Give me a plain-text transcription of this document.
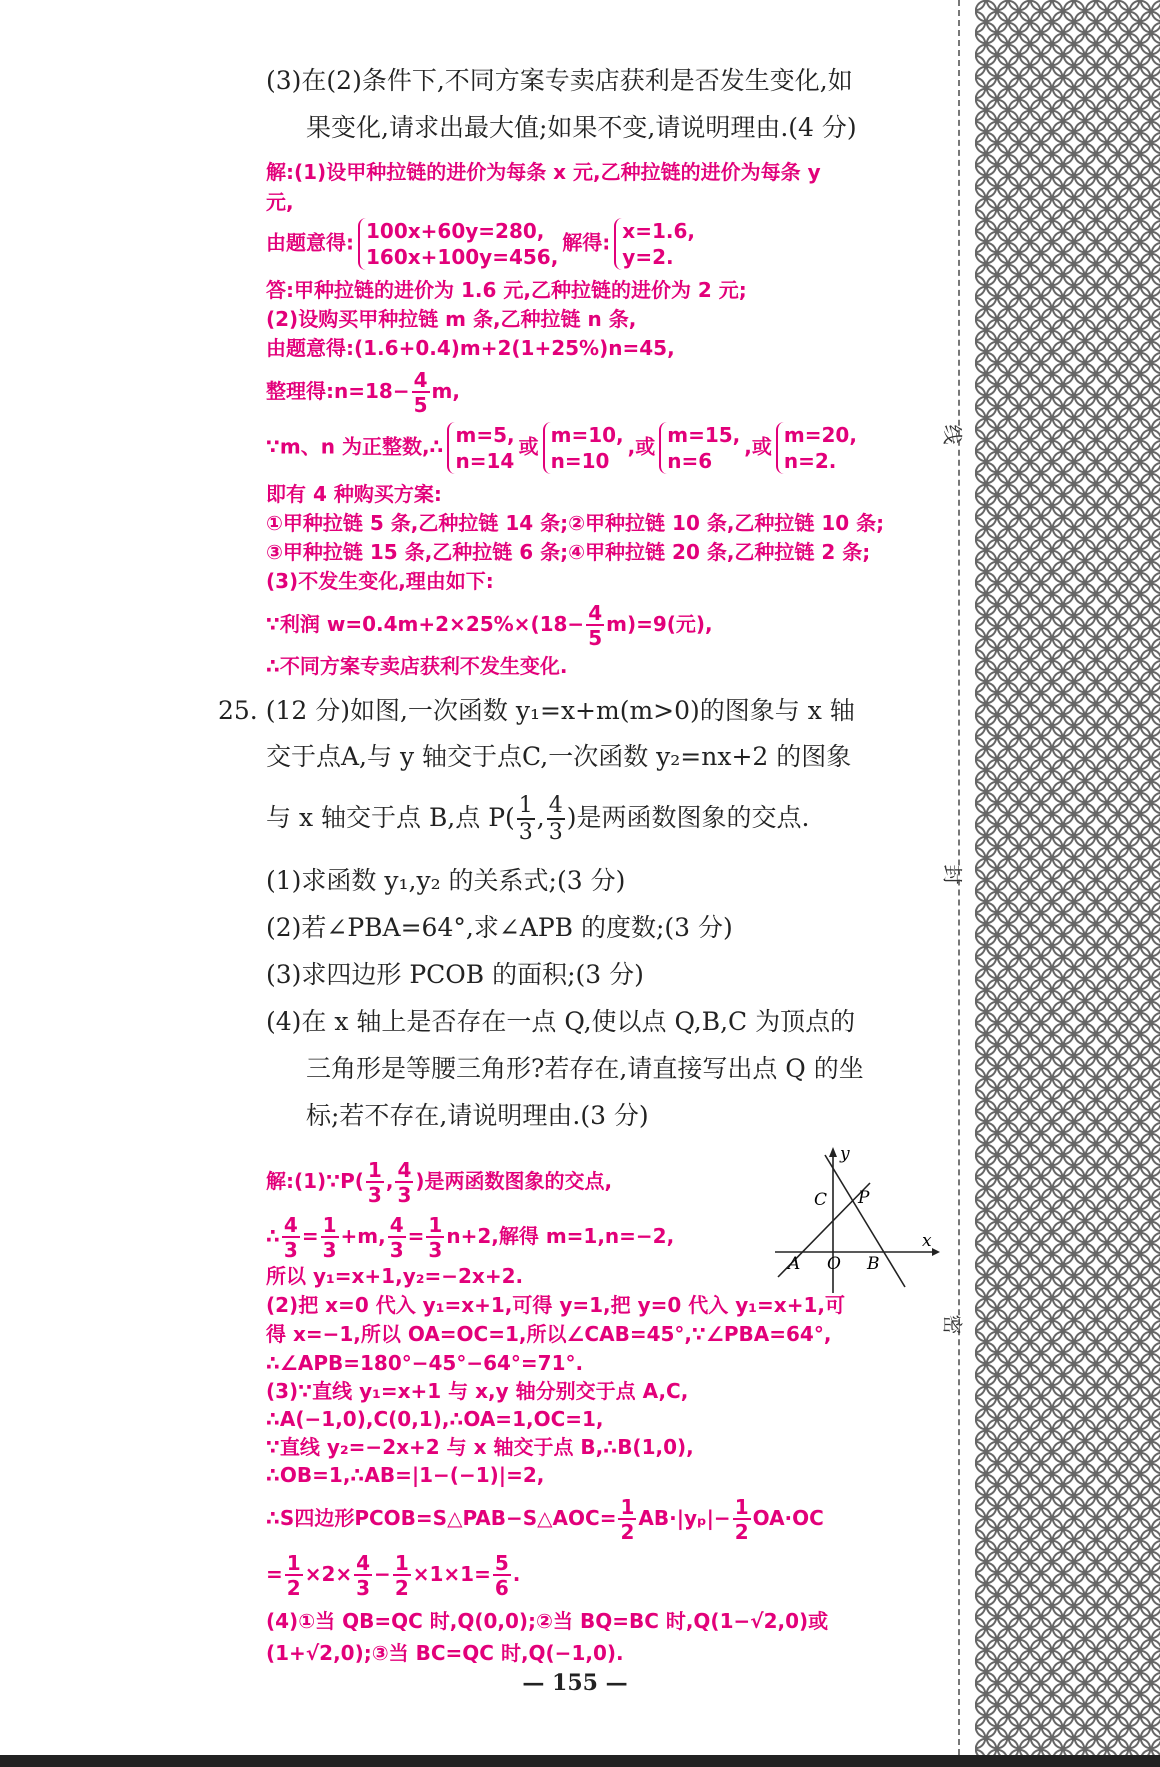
线
封
密
(3)在(2)条件下,不同方案专卖店获利是否发生变化,如
果变化,请求出最大值;如果不变,请说明理由.(4 分)
解:(1)设甲种拉链的进价为每条 x 元,乙种拉链的进价为每条 y
元,
由题意得: 100x+60y=280,
160x+100y=456,
解得: x=1.6,
y=2.
答:甲种拉链的进价为 1.6 元,乙种拉链的进价为 2 元;
(2)设购买甲种拉链 m 条,乙种拉链 n 条,
由题意得:(1.6+0.4)m+2(1+25%)n=45,
整理得:n=18− $\frac{4}{5} m$,
∵m、n 为正整数,∴ m=5,
n=14
或 m=10,
n=10
,或 m=15,
n=6
,或 m=20,
n=2.
即有 4 种购买方案:
①甲种拉链 5 条,乙种拉链 14 条;②甲种拉链 10 条,乙种拉链 10 条;
③甲种拉链 15 条,乙种拉链 6 条;④甲种拉链 20 条,乙种拉链 2 条;
(3)不发生变化,理由如下:
∵利润 $w=0.4m+2\times 25\%\times(18- \frac{4}{5} m)=9$(元),
∴不同方案专卖店获利不发生变化.
25. (12 分)如图,一次函数 y₁=x+m(m>0)的图象与 x 轴
交于点A,与 y 轴交于点C,一次函数 y₂=nx+2 的图象
与 x 轴交于点 B,点 $P( \frac{1}{3}$ , $\frac{4}{3}$ )是两函数图象的交点.
(1)求函数 y₁,y₂ 的关系式;(3 分)
(2)若∠PBA=64°,求∠APB 的度数;(3 分)
(3)求四边形 PCOB 的面积;(3 分)
(4)在 x 轴上是否存在一点 Q,使以点 Q,B,C 为顶点的
三角形是等腰三角形?若存在,请直接写出点 Q 的坐
标;若不存在,请说明理由.(3 分)
y
x
C P
A O B
解:(1)∵P( $\frac{1}{3}$ , $\frac{4}{3}$ )是两函数图象的交点,
∴ $\frac{4}{3} = \frac{1}{3} +m$, $\frac{4}{3} = \frac{1}{3} n+2$,解得 m=1,n=−2,
所以 y₁=x+1,y₂=−2x+2.
(2)把 x=0 代入 y₁=x+1,可得 y=1,把 y=0 代入 y₁=x+1,可
得 x=−1,所以 OA=OC=1,所以∠CAB=45°,∵∠PBA=64°,
∴∠APB=180°−45°−64°=71°.
(3)∵直线 y₁=x+1 与 x,y 轴分别交于点 A,C,
∴A(−1,0),C(0,1),∴OA=1,OC=1,
∵直线 y₂=−2x+2 与 x 轴交于点 B,∴B(1,0),
∴OB=1,∴AB=|1−(−1)|=2,
∴S四边形PCOB=S△PAB−S△AOC= $\frac{1}{2} AB\cdot|y_p|- \frac{1}{2} OA\cdot OC$
= $\frac{1}{2} \times 2\times \frac{4}{3} - \frac{1}{2} \times 1\times 1= \frac{5}{6}$ .
(4)①当 QB=QC 时,Q(0,0);②当 BQ=BC 时,Q(1−√2,0)或
(1+√2,0);③当 BC=QC 时,Q(−1,0).
— 155 —
